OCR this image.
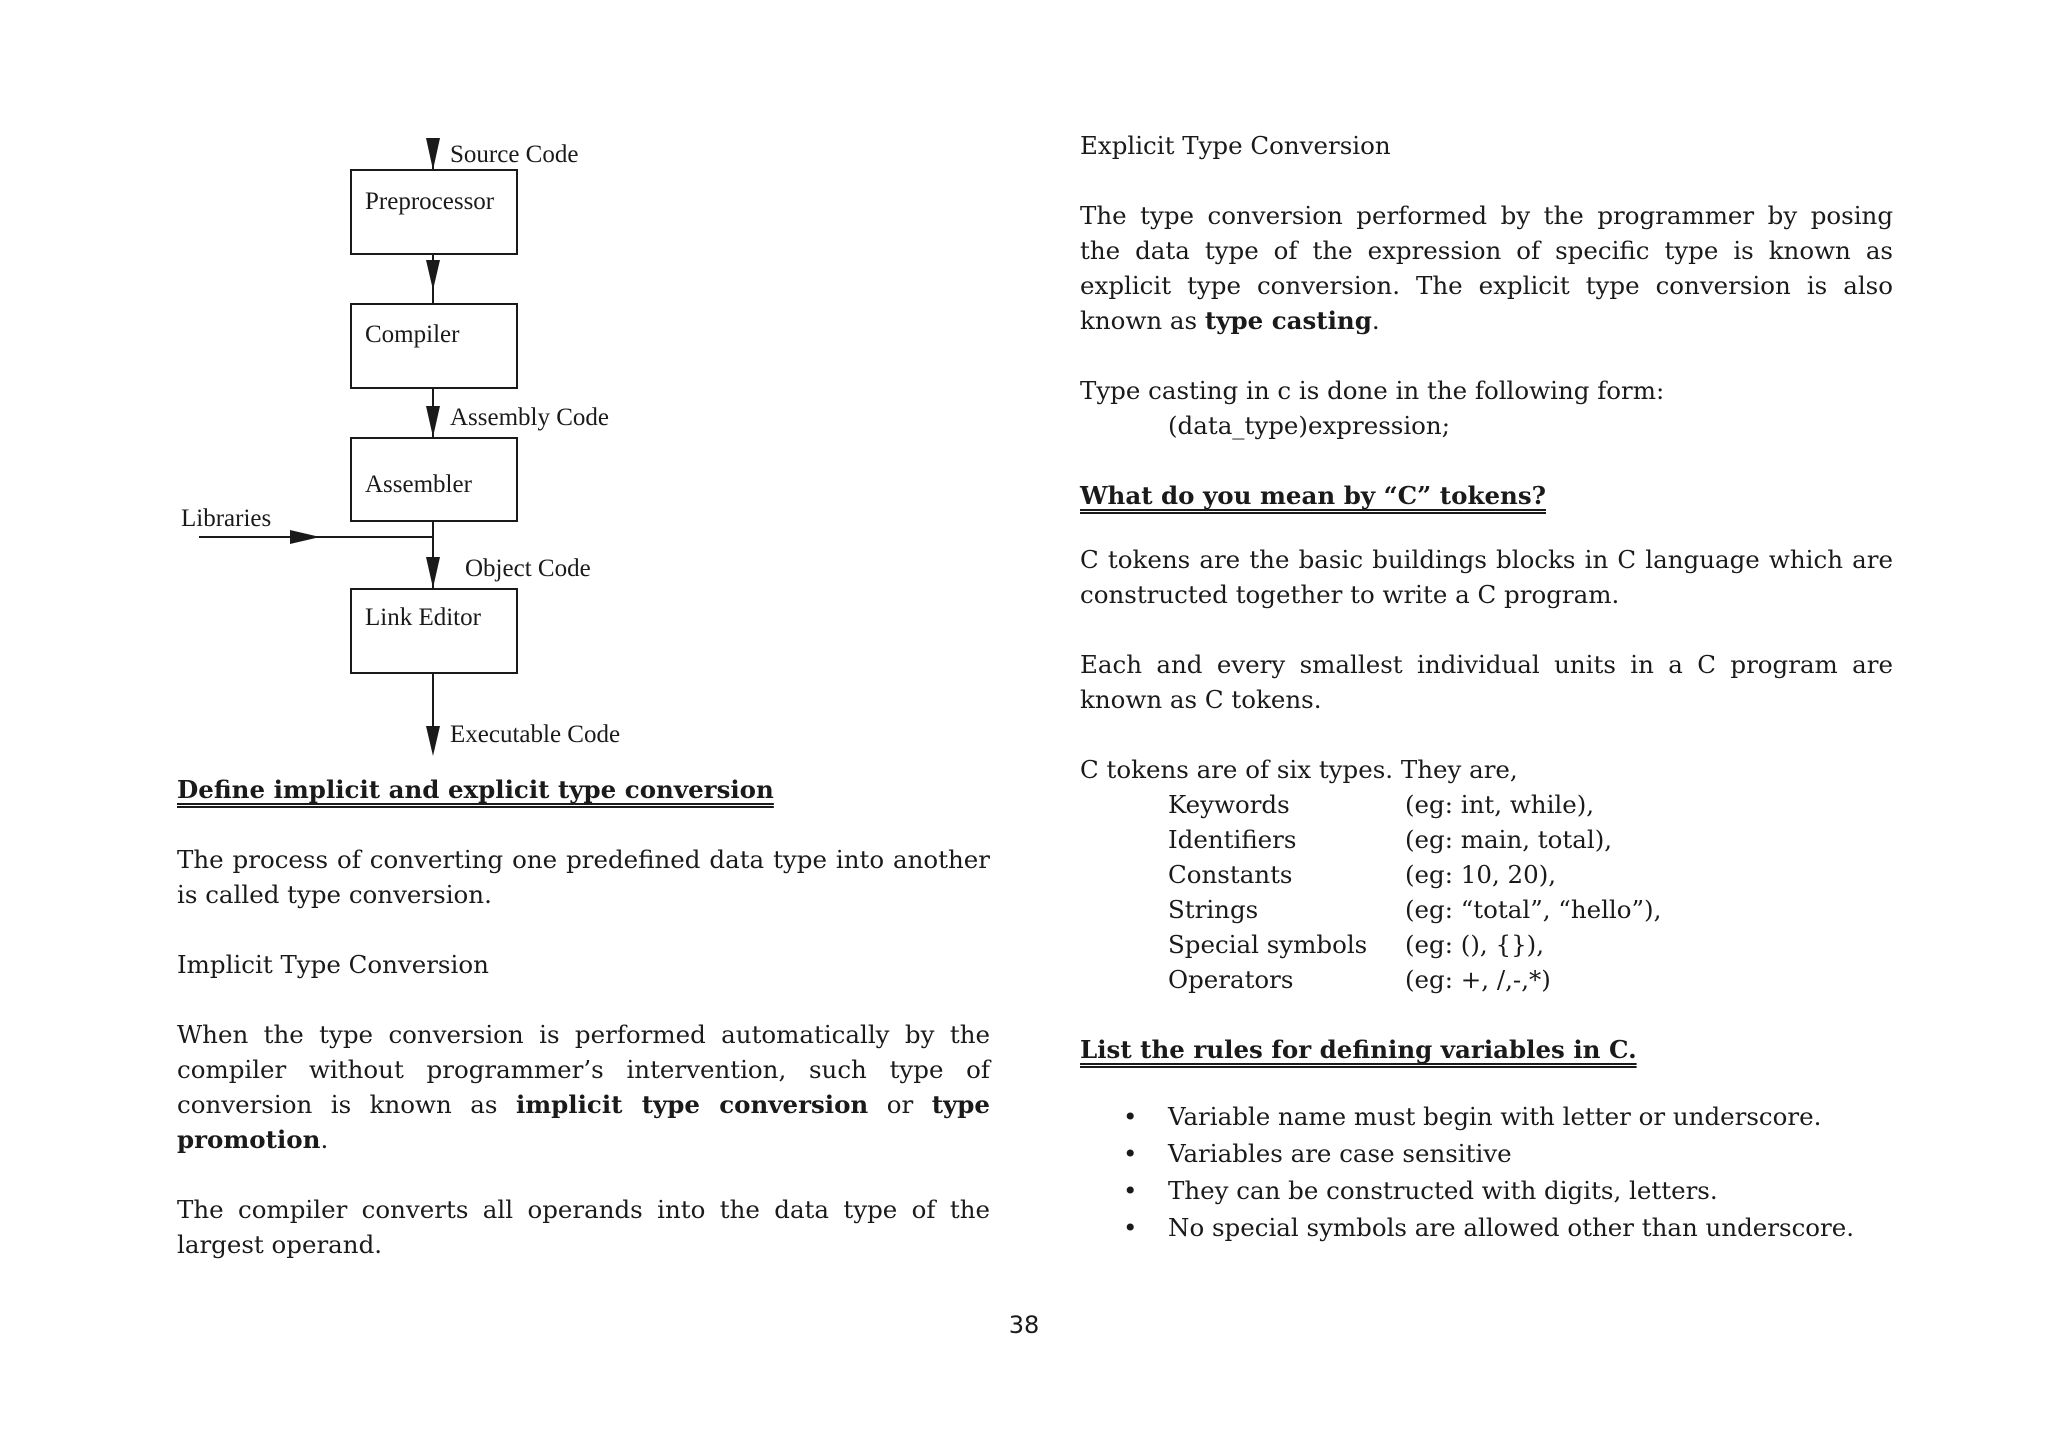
Source Code
Preprocessor
Compiler
Assembly Code
Assembler
Libraries
Object Code
Link Editor
Executable Code

Define implicit and explicit type conversion

The process of converting one predefined data type into another

is called type conversion.

Implicit Type Conversion

When the type conversion is performed automatically by the

compiler without programmer’s intervention, such type of

conversion is known as implicit type conversion or type

promotion.

The compiler converts all operands into the data type of the

largest operand.

Explicit Type Conversion

The type conversion performed by the programmer by posing

the data type of the expression of specific type is known as

explicit type conversion. The explicit type conversion is also

known as type casting.

Type casting in c is done in the following form:

(data_type)expression;

What do you mean by “C” tokens?

C tokens are the basic buildings blocks in C language which are

constructed together to write a C program.

Each and every smallest individual units in a C program are

known as C tokens.

C tokens are of six types. They are,

Keywords	(eg: int, while),
Identifiers	(eg: main, total),
Constants	(eg: 10, 20),
Strings	(eg: “total”, “hello”),
Special symbols	(eg: (), {}),
Operators	(eg: +, /,-,*)

List the rules for defining variables in C.

• Variable name must begin with letter or underscore.
• Variables are case sensitive
• They can be constructed with digits, letters.
• No special symbols are allowed other than underscore.
38
